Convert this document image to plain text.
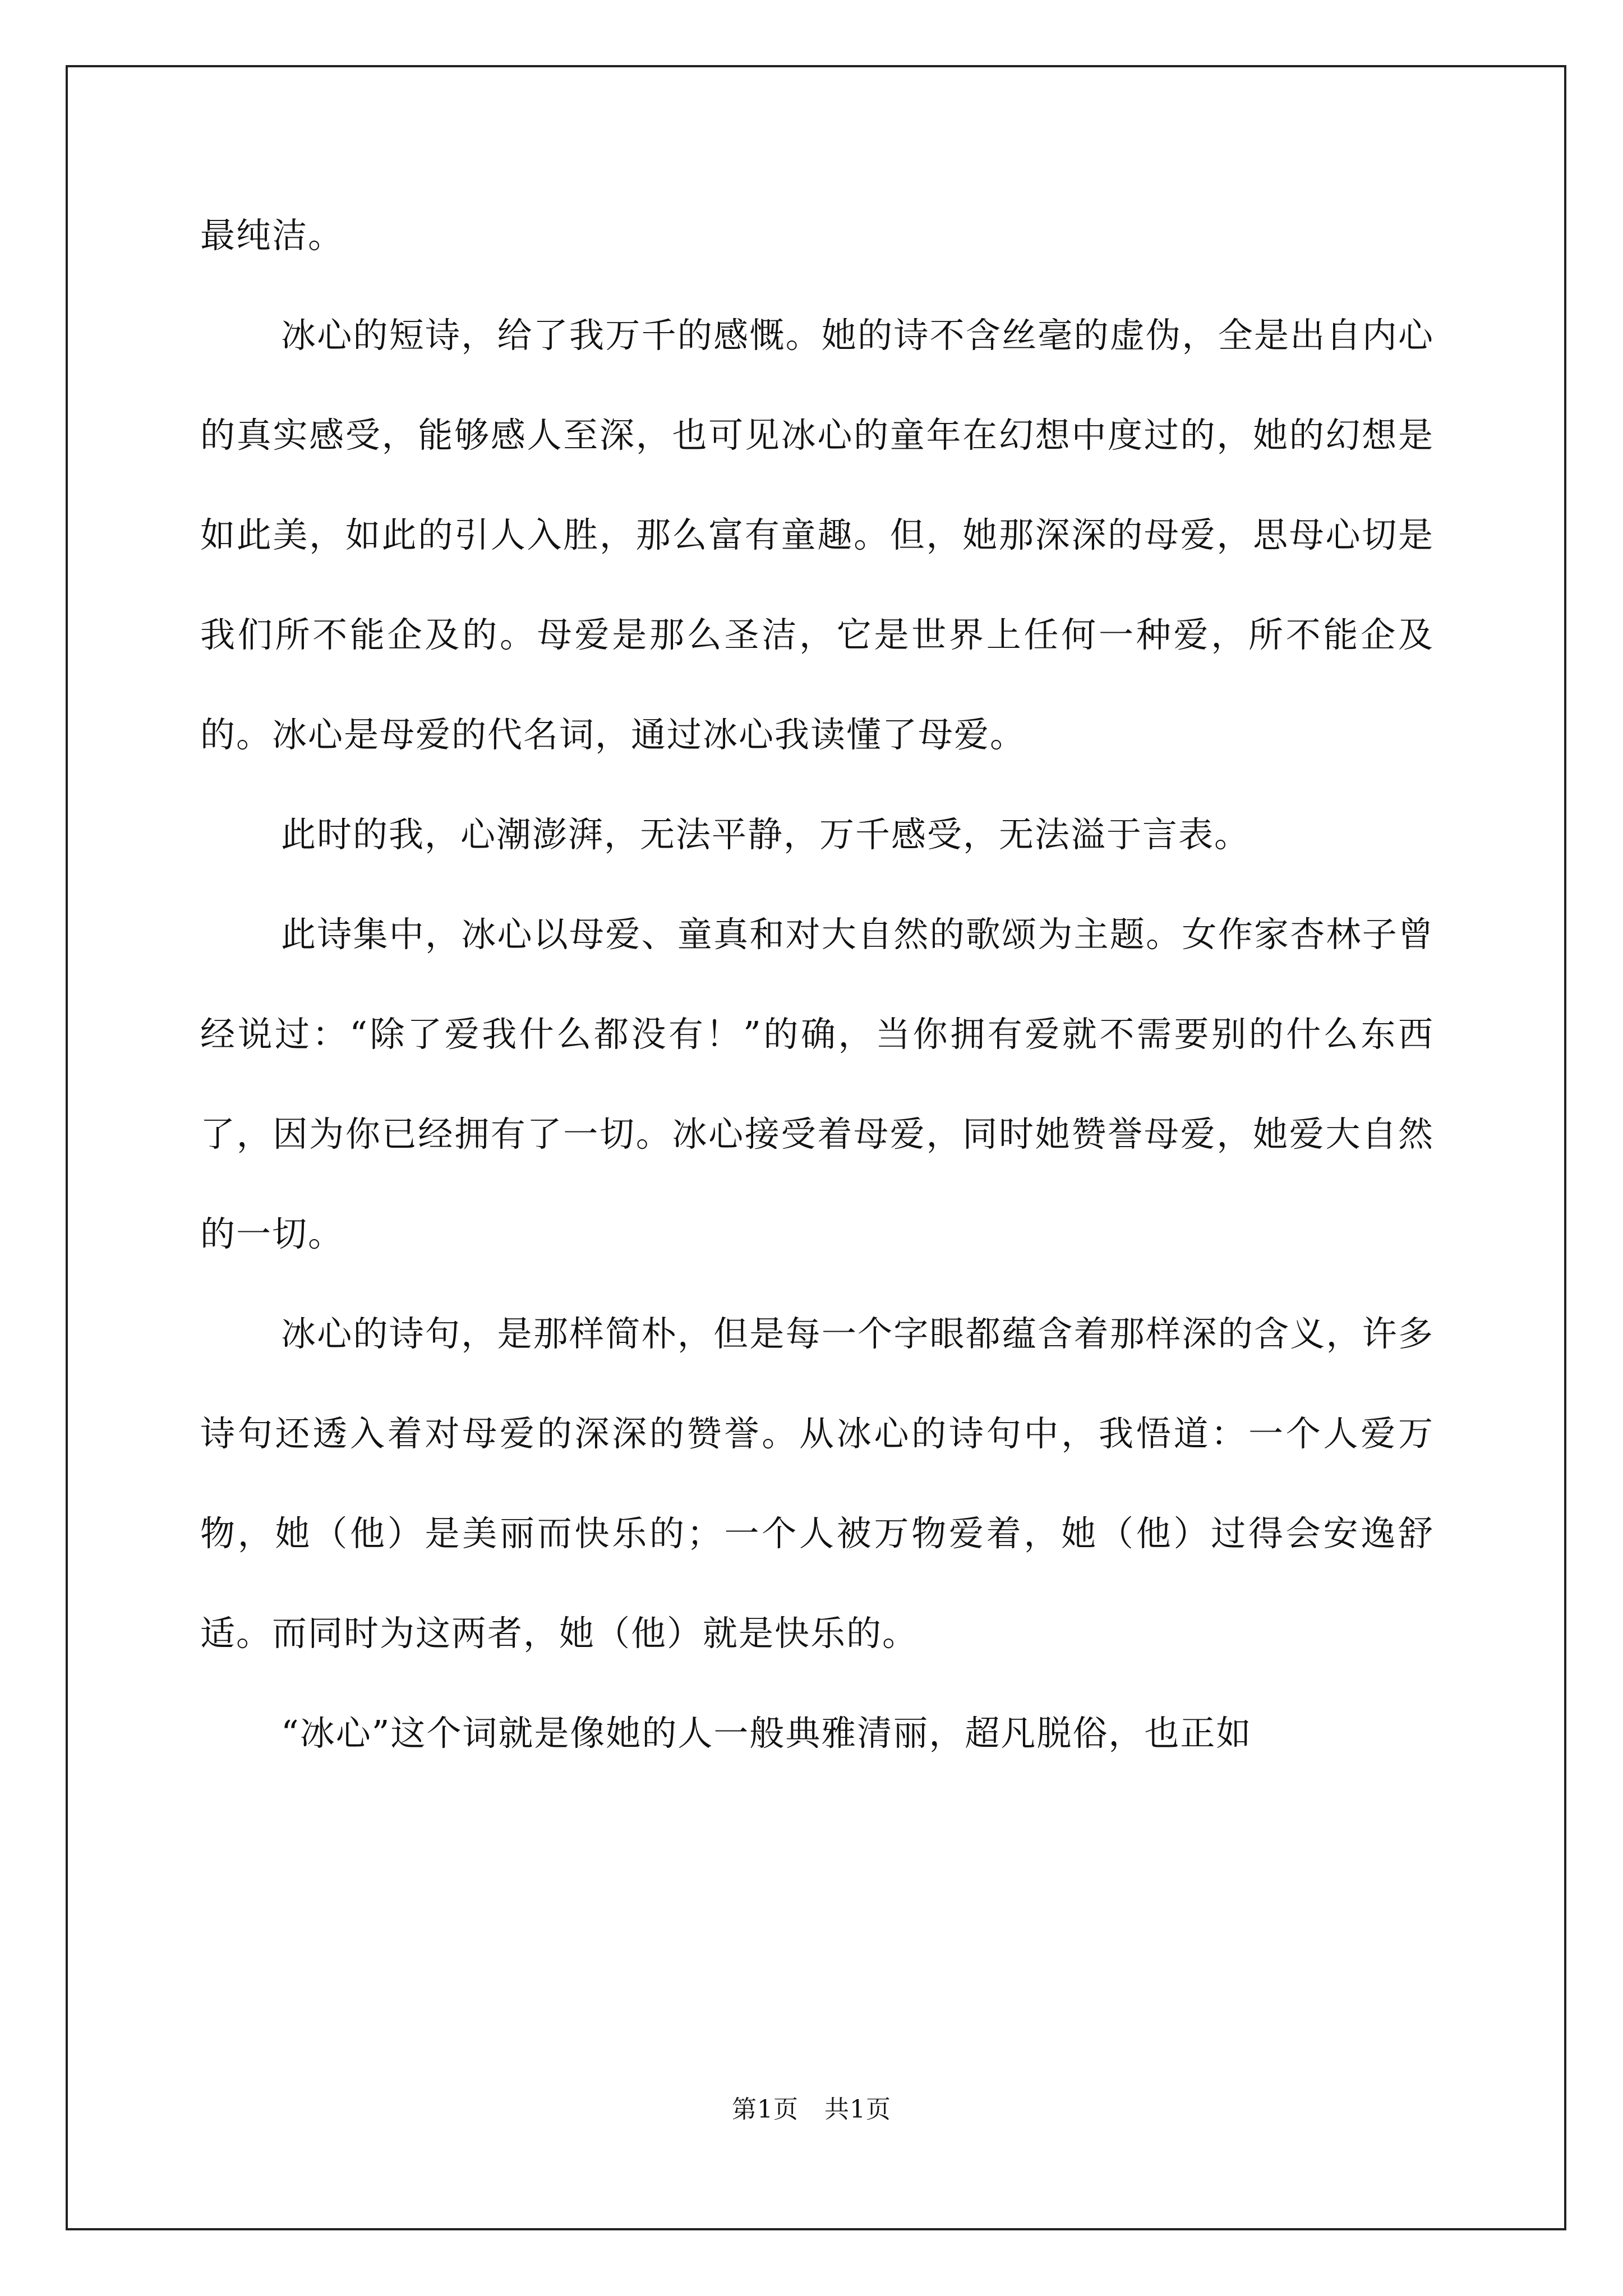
最纯洁。

冰心的短诗，给了我万千的感慨。她的诗不含丝毫的虚伪，全是出自内心的真实感受，能够感人至深，也可见冰心的童年在幻想中度过的，她的幻想是如此美，如此的引人入胜，那么富有童趣。但，她那深深的母爱，思母心切是我们所不能企及的。母爱是那么圣洁，它是世界上任何一种爱，所不能企及的。冰心是母爱的代名词，通过冰心我读懂了母爱。

此时的我，心潮澎湃，无法平静，万千感受，无法溢于言表。

此诗集中，冰心以母爱、童真和对大自然的歌颂为主题。女作家杏林子曾经说过：“除了爱我什么都没有！”的确，当你拥有爱就不需要别的什么东西了，因为你已经拥有了一切。冰心接受着母爱，同时她赞誉母爱，她爱大自然的一切。

冰心的诗句，是那样简朴，但是每一个字眼都蕴含着那样深的含义，许多诗句还透入着对母爱的深深的赞誉。从冰心的诗句中，我悟道：一个人爱万物，她（他）是美丽而快乐的；一个人被万物爱着，她（他）过得会安逸舒适。而同时为这两者，她（他）就是快乐的。

“冰心”这个词就是像她的人一般典雅清丽，超凡脱俗，也正如

第1页 共1页
